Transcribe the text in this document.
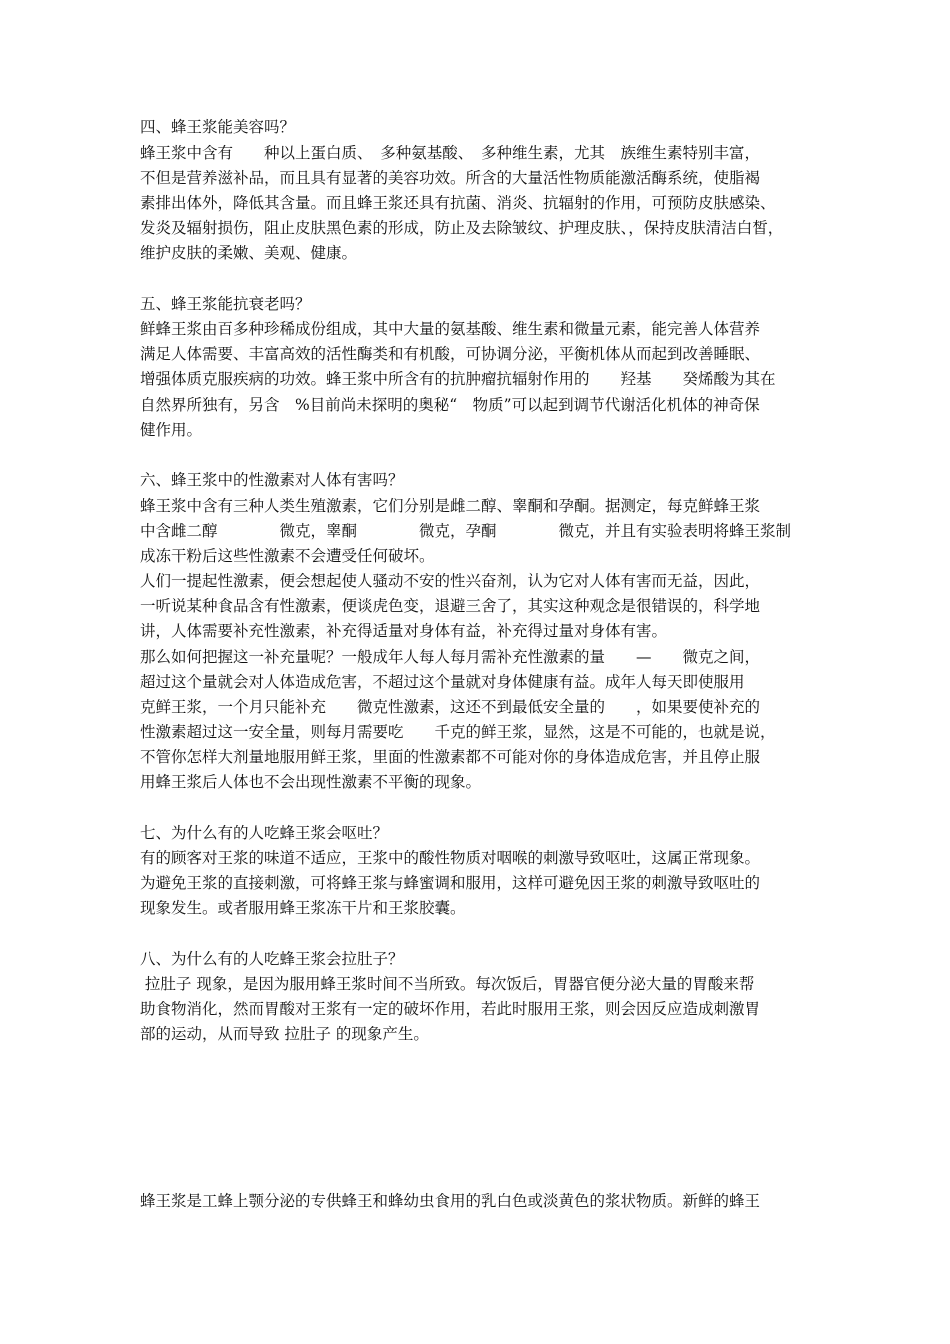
四、蜂王浆能美容吗？
蜂王浆中含有　　种以上蛋白质、　多种氨基酸、　多种维生素，尤其　族维生素特别丰富，
不但是营养滋补品，而且具有显著的美容功效。所含的大量活性物质能激活酶系统，使脂褐
素排出体外，降低其含量。而且蜂王浆还具有抗菌、消炎、抗辐射的作用，可预防皮肤感染、
发炎及辐射损伤，阻止皮肤黑色素的形成，防止及去除皱纹、护理皮肤、，保持皮肤清洁白皙，
维护皮肤的柔嫩、美观、健康。
五、蜂王浆能抗衰老吗？
鲜蜂王浆由百多种珍稀成份组成，其中大量的氨基酸、维生素和微量元素，能完善人体营养
满足人体需要、丰富高效的活性酶类和有机酸，可协调分泌，平衡机体从而起到改善睡眠、
增强体质克服疾病的功效。蜂王浆中所含有的抗肿瘤抗辐射作用的　　羟基　　癸烯酸为其在
自然界所独有，另含　%目前尚未探明的奥秘“　物质”可以起到调节代谢活化机体的神奇保
健作用。
六、蜂王浆中的性激素对人体有害吗？
蜂王浆中含有三种人类生殖激素，它们分别是雌二醇、睾酮和孕酮。据测定，每克鲜蜂王浆
中含雌二醇　　　　微克，睾酮　　　　微克，孕酮　　　　微克，并且有实验表明将蜂王浆制
成冻干粉后这些性激素不会遭受任何破坏。
人们一提起性激素，便会想起使人骚动不安的性兴奋剂，认为它对人体有害而无益，因此，
一听说某种食品含有性激素，便谈虎色变，退避三舍了，其实这种观念是很错误的，科学地
讲，人体需要补充性激素，补充得适量对身体有益，补充得过量对身体有害。
那么如何把握这一补充量呢？一般成年人每人每月需补充性激素的量　　—　　微克之间，
超过这个量就会对人体造成危害，不超过这个量就对身体健康有益。成年人每天即使服用
克鲜王浆，一个月只能补充　　微克性激素，这还不到最低安全量的　　，如果要使补充的
性激素超过这一安全量，则每月需要吃　　千克的鲜王浆，显然，这是不可能的，也就是说，
不管你怎样大剂量地服用鲜王浆，里面的性激素都不可能对你的身体造成危害，并且停止服
用蜂王浆后人体也不会出现性激素不平衡的现象。
七、为什么有的人吃蜂王浆会呕吐？
有的顾客对王浆的味道不适应，王浆中的酸性物质对咽喉的刺激导致呕吐，这属正常现象。
为避免王浆的直接刺激，可将蜂王浆与蜂蜜调和服用，这样可避免因王浆的刺激导致呕吐的
现象发生。或者服用蜂王浆冻干片和王浆胶囊。
八、为什么有的人吃蜂王浆会拉肚子？
拉肚子 现象，是因为服用蜂王浆时间不当所致。每次饭后，胃器官便分泌大量的胃酸来帮
助食物消化，然而胃酸对王浆有一定的破坏作用，若此时服用王浆，则会因反应造成刺激胃
部的运动，从而导致 拉肚子 的现象产生。
蜂王浆是工蜂上颚分泌的专供蜂王和蜂幼虫食用的乳白色或淡黄色的浆状物质。新鲜的蜂王
